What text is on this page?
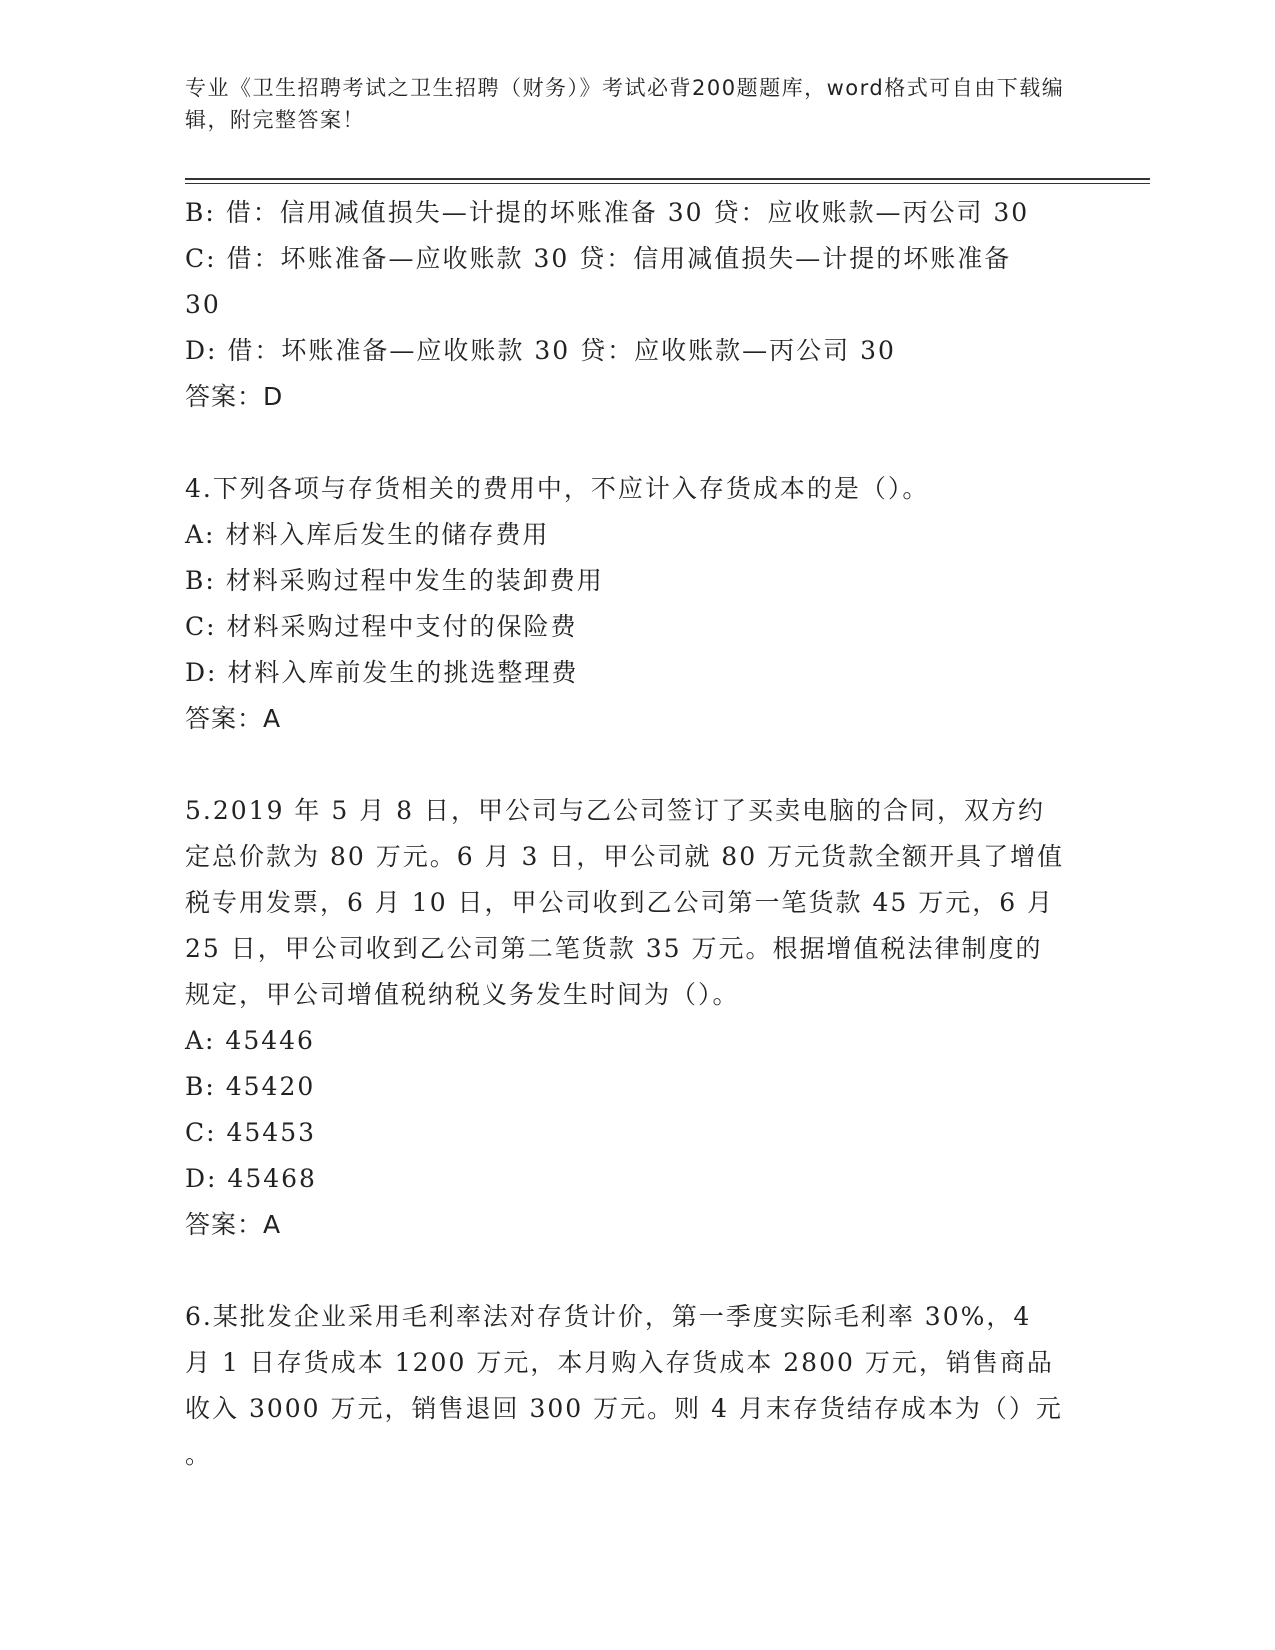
专业《卫生招聘考试之卫生招聘（财务）》考试必背200题题库，word格式可自由下载编辑，附完整答案！
B: 借：信用减值损失—计提的坏账准备 30 贷：应收账款—丙公司 30
C: 借：坏账准备—应收账款 30 贷：信用减值损失—计提的坏账准备
30
D: 借：坏账准备—应收账款 30 贷：应收账款—丙公司 30
答案：D
4.下列各项与存货相关的费用中，不应计入存货成本的是（）。
A: 材料入库后发生的储存费用
B: 材料采购过程中发生的装卸费用
C: 材料采购过程中支付的保险费
D: 材料入库前发生的挑选整理费
答案：A
5.2019 年 5 月 8 日，甲公司与乙公司签订了买卖电脑的合同，双方约
定总价款为 80 万元。6 月 3 日，甲公司就 80 万元货款全额开具了增值
税专用发票，6 月 10 日，甲公司收到乙公司第一笔货款 45 万元，6 月
25 日，甲公司收到乙公司第二笔货款 35 万元。根据增值税法律制度的
规定，甲公司增值税纳税义务发生时间为（）。
A: 45446
B: 45420
C: 45453
D: 45468
答案：A
6.某批发企业采用毛利率法对存货计价，第一季度实际毛利率 30%，4
月 1 日存货成本 1200 万元，本月购入存货成本 2800 万元，销售商品
收入 3000 万元，销售退回 300 万元。则 4 月末存货结存成本为（）元
。
